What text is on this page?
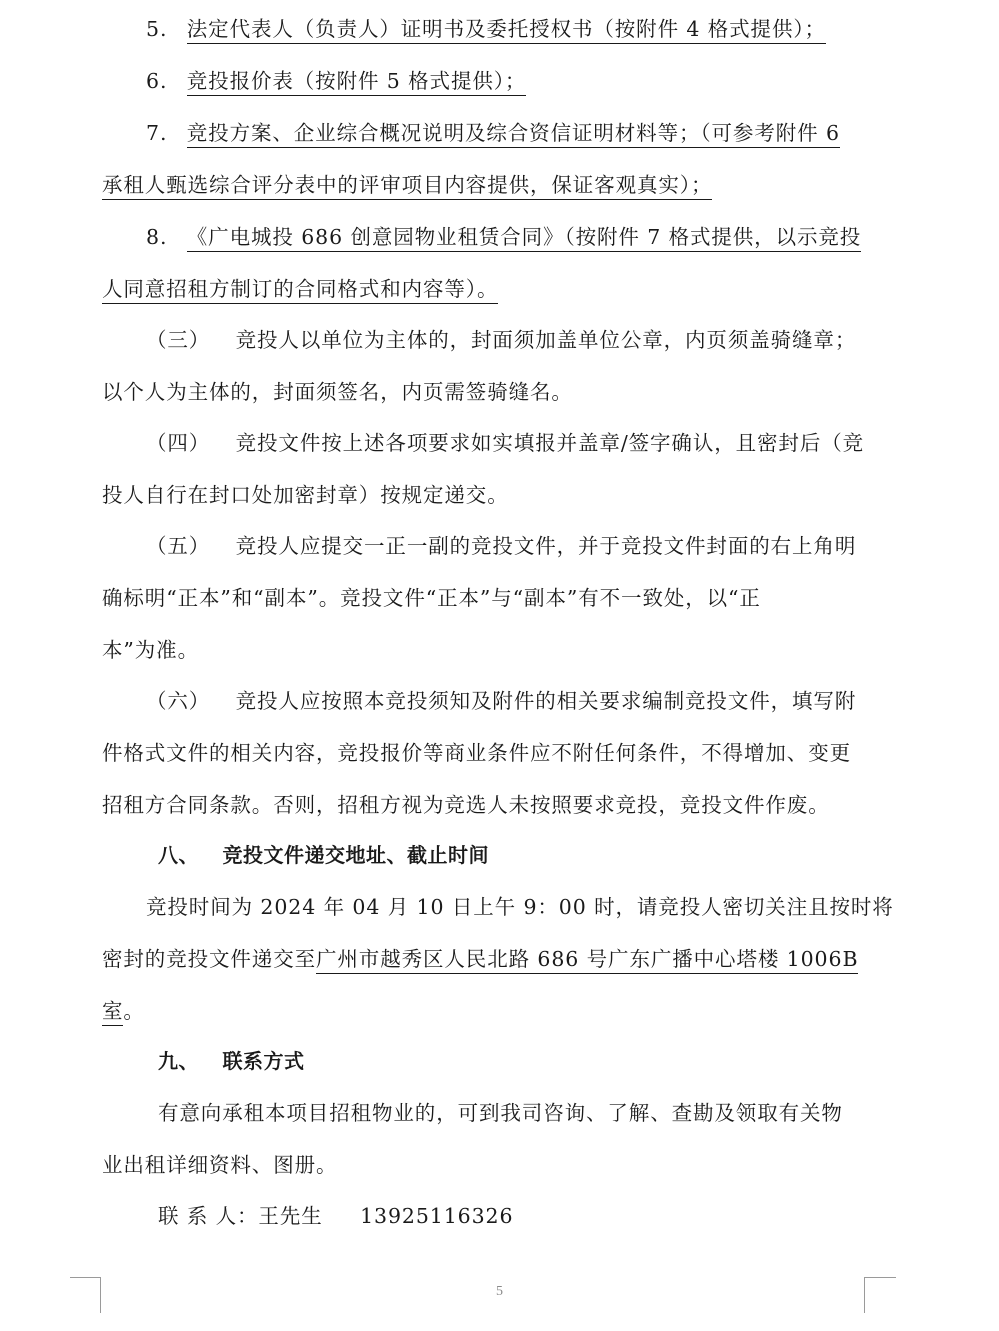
5. 法定代表人（负责人）证明书及委托授权书（按附件 4 格式提供）；
6. 竞投报价表（按附件 5 格式提供）；
7. 竞投方案、企业综合概况说明及综合资信证明材料等；（可参考附件 6
承租人甄选综合评分表中的评审项目内容提供，保证客观真实）；
8. 《广电城投 686 创意园物业租赁合同》（按附件 7 格式提供，以示竞投
人同意招租方制订的合同格式和内容等）。
（三） 竞投人以单位为主体的，封面须加盖单位公章，内页须盖骑缝章；
以个人为主体的，封面须签名，内页需签骑缝名。
（四） 竞投文件按上述各项要求如实填报并盖章/签字确认，且密封后（竞
投人自行在封口处加密封章）按规定递交。
（五） 竞投人应提交一正一副的竞投文件，并于竞投文件封面的右上角明
确标明“正本”和“副本”。竞投文件“正本”与“副本”有不一致处，以“正
本”为准。
（六） 竞投人应按照本竞投须知及附件的相关要求编制竞投文件，填写附
件格式文件的相关内容，竞投报价等商业条件应不附任何条件，不得增加、变更
招租方合同条款。否则，招租方视为竞选人未按照要求竞投，竞投文件作废。
八、 竞投文件递交地址、截止时间
竞投时间为 2024 年 04 月 10 日上午 9：00 时，请竞投人密切关注且按时将
密封的竞投文件递交至广州市越秀区人民北路 686 号广东广播中心塔楼 1006B
室。
九、 联系方式
有意向承租本项目招租物业的，可到我司咨询、了解、查勘及领取有关物
业出租详细资料、图册。
联 系 人：王先生 13925116326
5
